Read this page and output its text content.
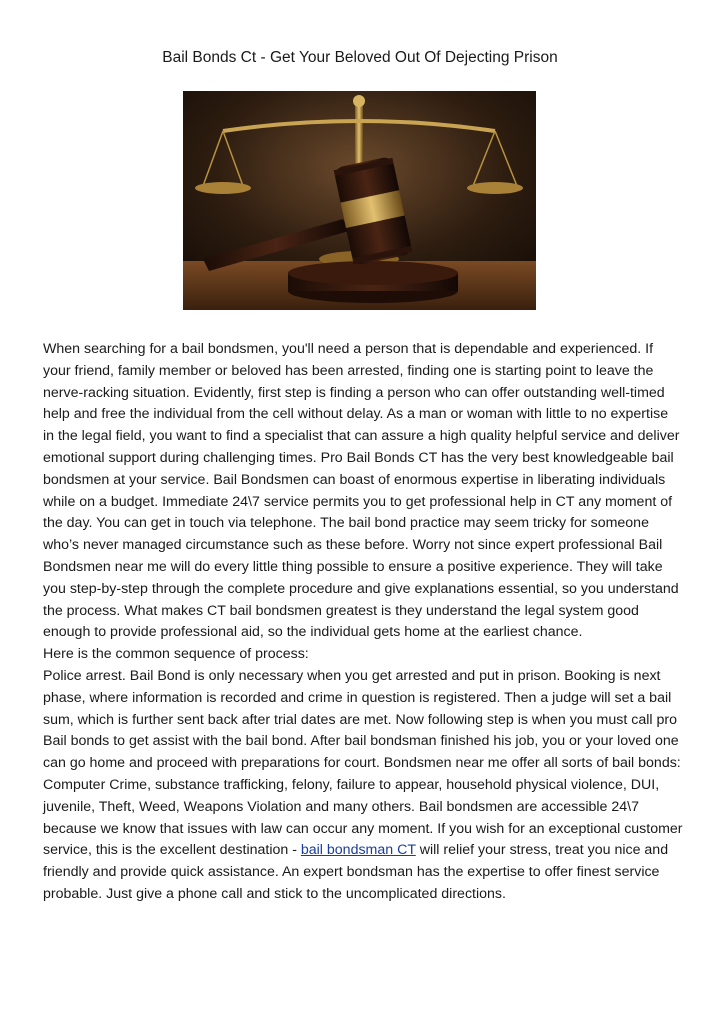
Bail Bonds Ct - Get Your Beloved Out Of Dejecting Prison

When searching for a bail bondsmen, you'll need a person that is dependable and experienced. If your friend, family member or beloved has been arrested, finding one is starting point to leave the nerve-racking situation. Evidently, first step is finding a person who can offer outstanding well-timed help and free the individual from the cell without delay. As a man or woman with little to no expertise in the legal field, you want to find a specialist that can assure a high quality helpful service and deliver emotional support during challenging times. Pro Bail Bonds CT has the very best knowledgeable bail bondsmen at your service. Bail Bondsmen can boast of enormous expertise in liberating individuals while on a budget. Immediate 24\7 service permits you to get professional help in CT any moment of the day. You can get in touch via telephone. The bail bond practice may seem tricky for someone who’s never managed circumstance such as these before. Worry not since expert professional Bail Bondsmen near me will do every little thing possible to ensure a positive experience. They will take you step-by-step through the complete procedure and give explanations essential, so you understand the process. What makes CT bail bondsmen greatest is they understand the legal system good enough to provide professional aid, so the individual gets home at the earliest chance.

Here is the common sequence of process:

Police arrest. Bail Bond is only necessary when you get arrested and put in prison. Booking is next phase, where information is recorded and crime in question is registered. Then a judge will set a bail sum, which is further sent back after trial dates are met. Now following step is when you must call pro Bail bonds to get assist with the bail bond. After bail bondsman finished his job, you or your loved one can go home and proceed with preparations for court. Bondsmen near me offer all sorts of bail bonds: Computer Crime, substance trafficking, felony, failure to appear, household physical violence, DUI, juvenile, Theft, Weed, Weapons Violation and many others. Bail bondsmen are accessible 24\7 because we know that issues with law can occur any moment. If you wish for an exceptional customer service, this is the excellent destination - bail bondsman CT will relief your stress, treat you nice and friendly and provide quick assistance. An expert bondsman has the expertise to offer finest service probable. Just give a phone call and stick to the uncomplicated directions.
